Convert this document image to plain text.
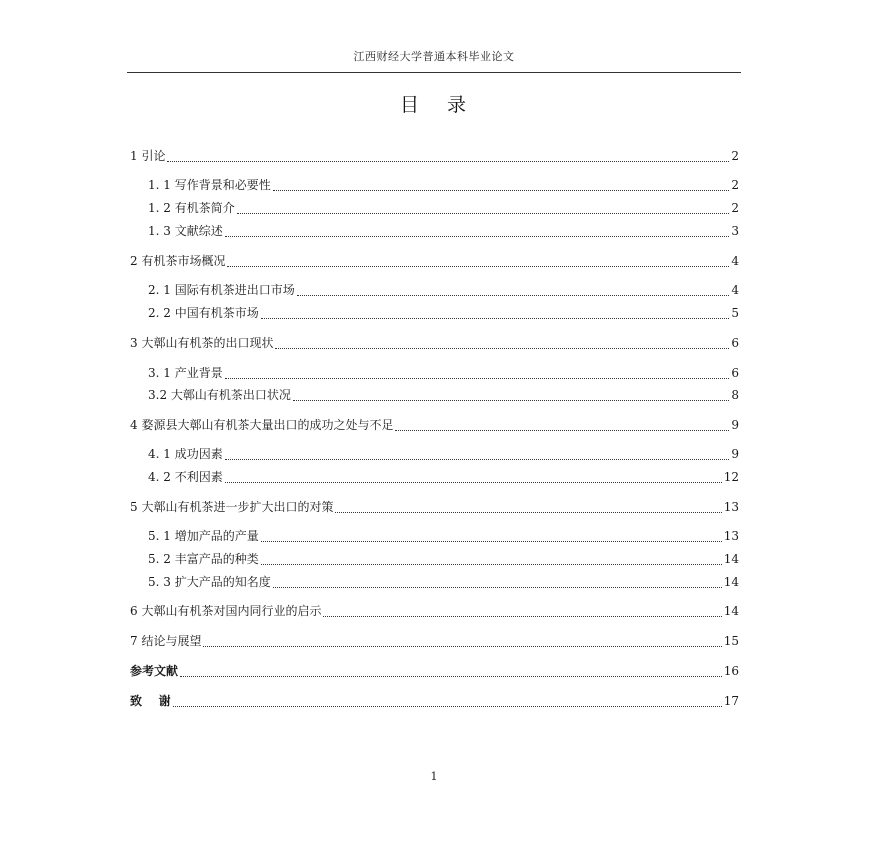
江西财经大学普通本科毕业论文
目 录
1 引论	2
1. 1 写作背景和必要性	2
1. 2 有机茶简介	2
1. 3 文献综述	3
2 有机茶市场概况	4
2. 1 国际有机茶进出口市场	4
2. 2 中国有机茶市场	5
3 大鄣山有机茶的出口现状	6
3. 1 产业背景	6
3.2 大鄣山有机茶出口状况	8
4 婺源县大鄣山有机茶大量出口的成功之处与不足	9
4. 1 成功因素	9
4. 2 不利因素	12
5 大鄣山有机茶进一步扩大出口的对策	13
5. 1 增加产品的产量	13
5. 2 丰富产品的种类	14
5. 3 扩大产品的知名度	14
6 大鄣山有机茶对国内同行业的启示	14
7 结论与展望	15
参考文献	16
致     谢	17
1
